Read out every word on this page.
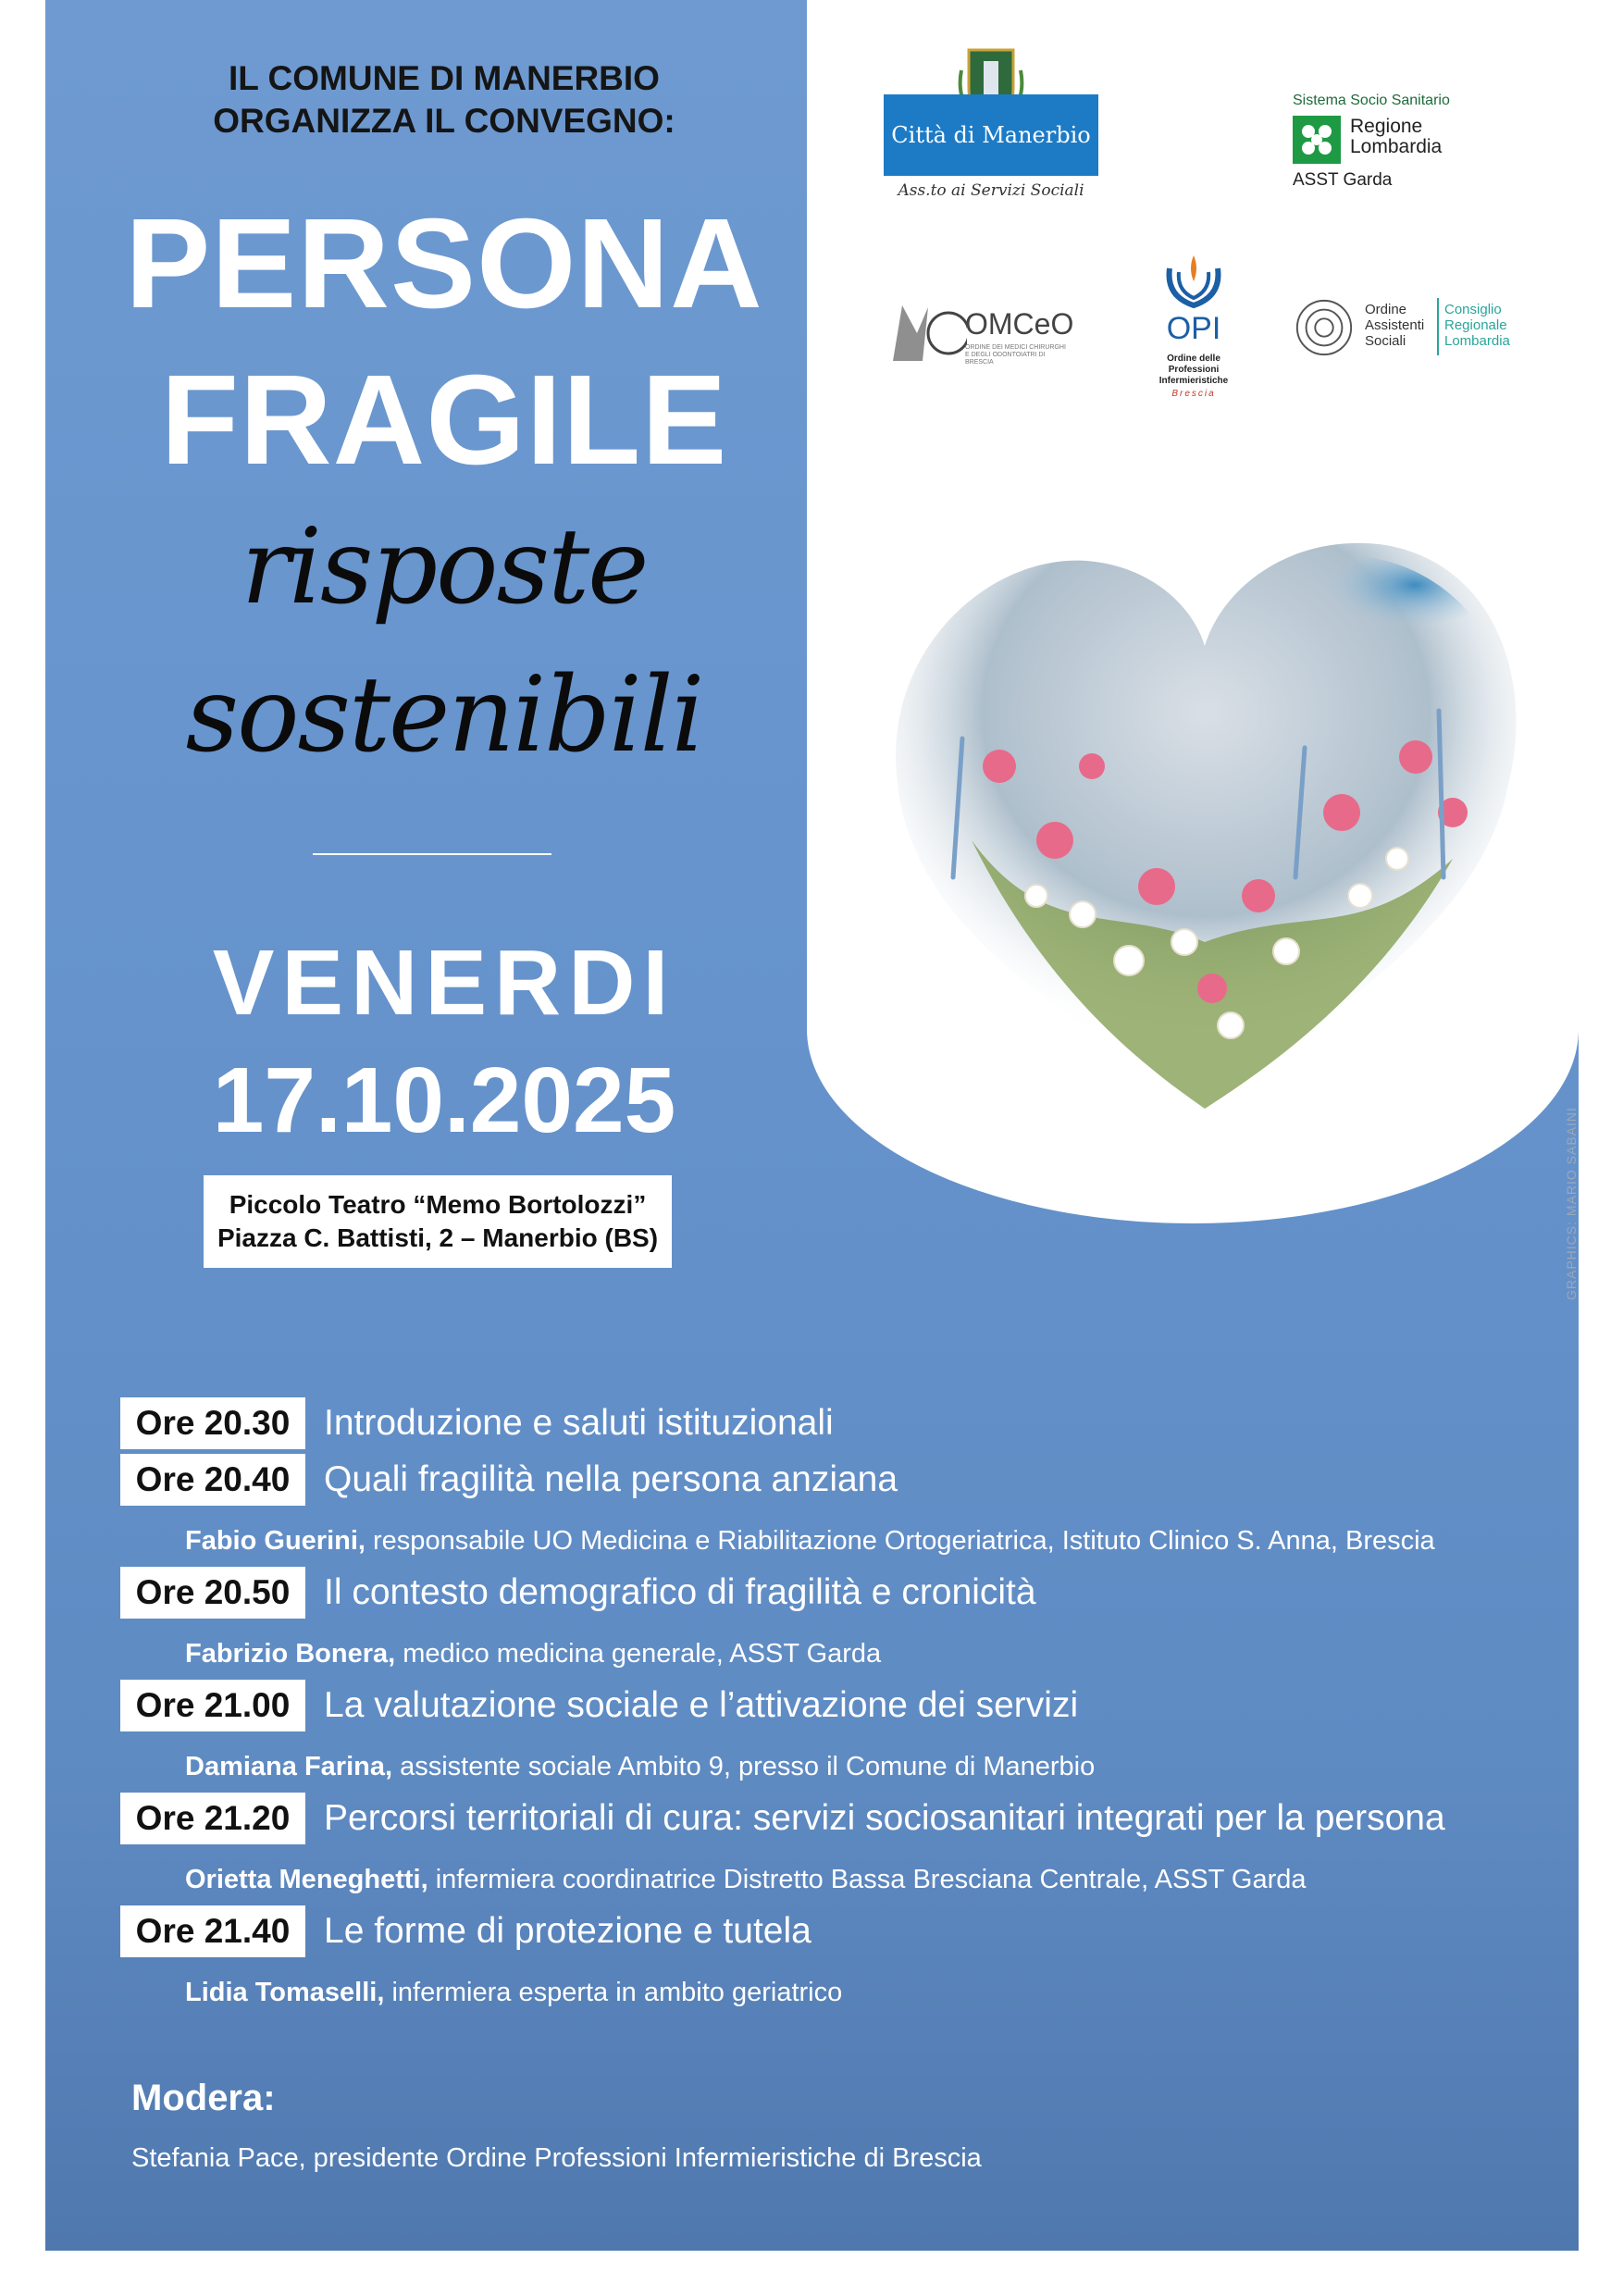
IL COMUNE DI MANERBIO
ORGANIZZA IL CONVEGNO:
PERSONA
FRAGILE
risposte
sostenibili
VENERDI
17.10.2025
Piccolo Teatro “Memo Bortolozzi”
Piazza C. Battisti, 2 – Manerbio (BS)
Città di Manerbio
Ass.to ai Servizi Sociali
Sistema Socio Sanitario
Regione
Lombardia
ASST Garda
OMCeO
ORDINE DEI MEDICI CHIRURGHI E DEGLI ODONTOIATRI DI BRESCIA
OPI
Ordine delle Professioni Infermieristiche
Brescia
Ordine
Assistenti
Sociali
Consiglio
Regionale
Lombardia
GRAPHICS: MARIO SABAINI
Ore 20.30 Introduzione e saluti istituzionali
Ore 20.40 Quali fragilità nella persona anziana
Fabio Guerini, responsabile UO Medicina e Riabilitazione Ortogeriatrica, Istituto Clinico S. Anna, Brescia
Ore 20.50 Il contesto demografico di fragilità e cronicità
Fabrizio Bonera, medico medicina generale, ASST Garda
Ore 21.00 La valutazione sociale e l’attivazione dei servizi
Damiana Farina, assistente sociale Ambito 9, presso il Comune di Manerbio
Ore 21.20 Percorsi territoriali di cura: servizi sociosanitari integrati per la persona
Orietta Meneghetti, infermiera coordinatrice Distretto Bassa Bresciana Centrale, ASST Garda
Ore 21.40 Le forme di protezione e tutela
Lidia Tomaselli, infermiera esperta in ambito geriatrico
Modera:
Stefania Pace, presidente Ordine Professioni Infermieristiche di Brescia
